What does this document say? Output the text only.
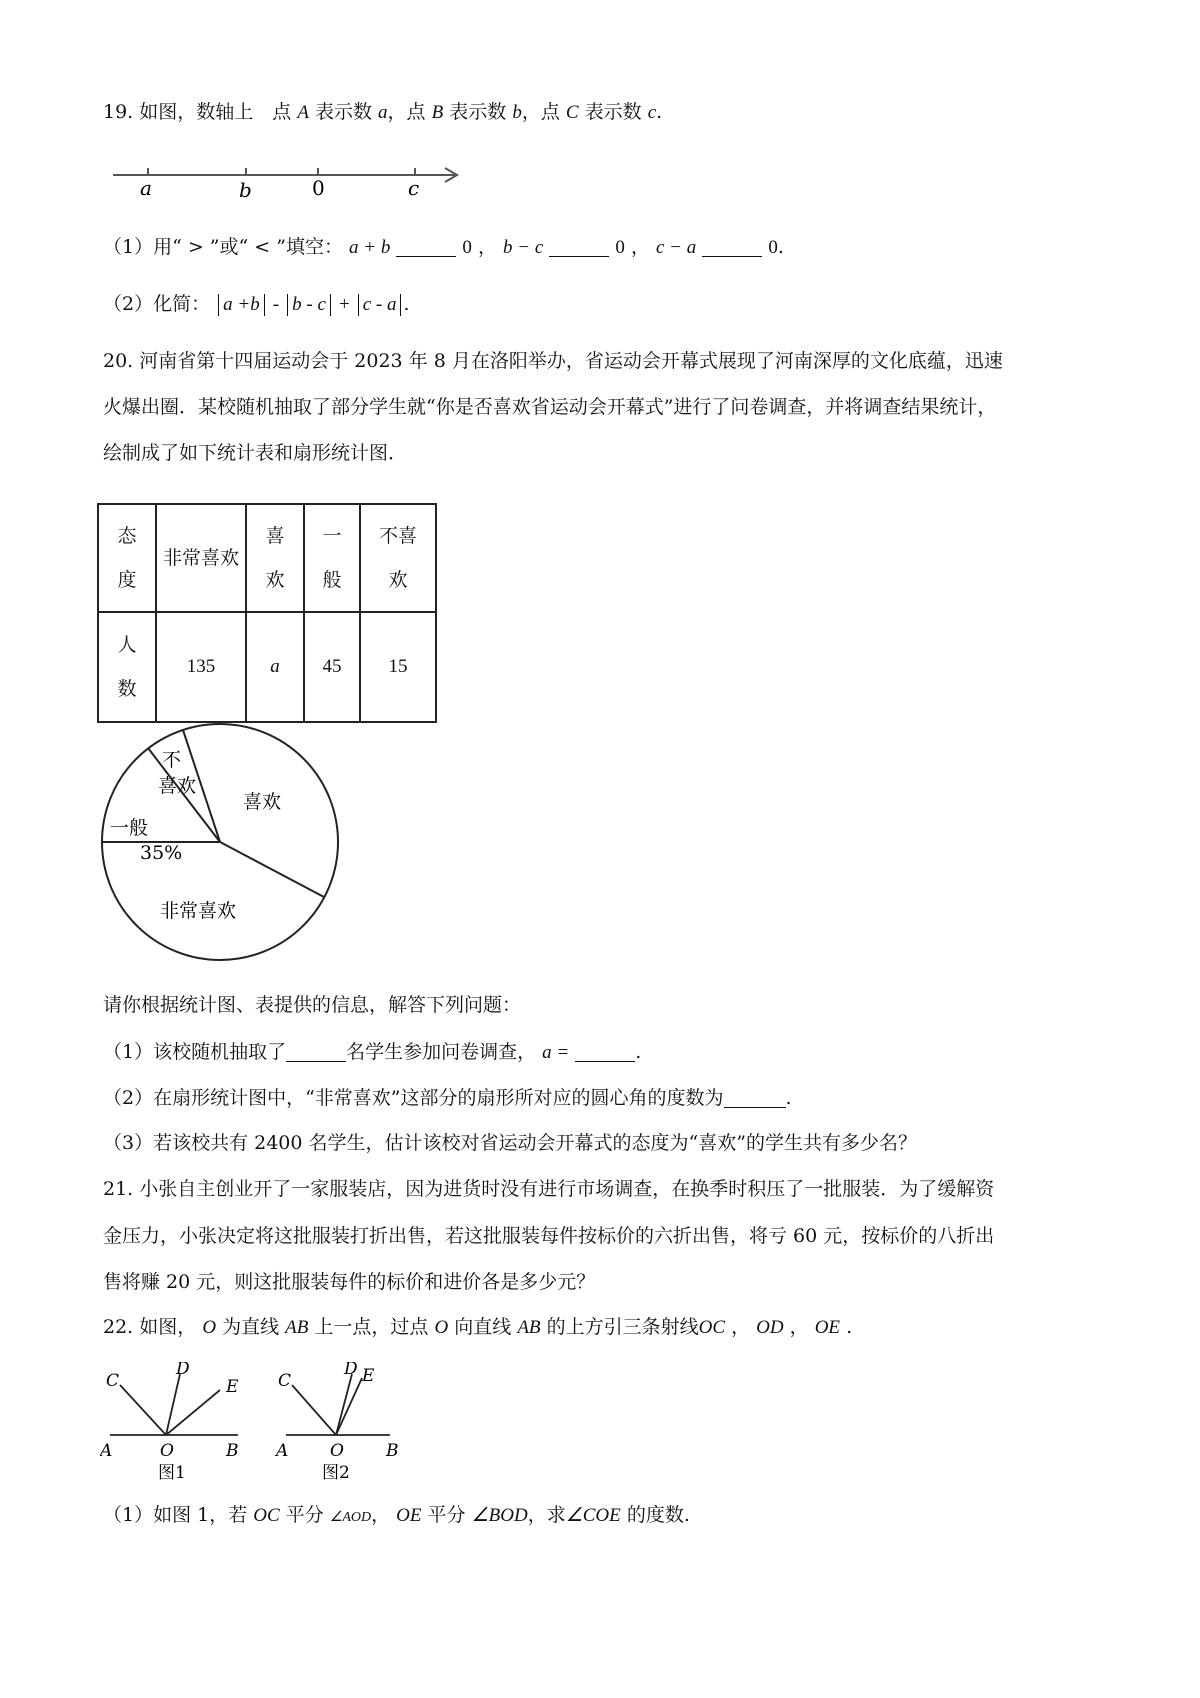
19. 如图，数轴上　点 A 表示数 a，点 B 表示数 b，点 C 表示数 c.
a	b	0	c
（1）用“ > ”或“ < ”填空： a + b	0 ， b − c	0 ， c − a	0.
（2）化简： a +b - b - c + c - a .
20. 河南省第十四届运动会于 2023 年 8 月在洛阳举办，省运动会开幕式展现了河南深厚的文化底蕴，迅速
火爆出圈．某校随机抽取了部分学生就“你是否喜欢省运动会开幕式”进行了问卷调查，并将调查结果统计，
绘制成了如下统计表和扇形统计图．
态度	非常喜欢	喜欢	一般	不喜欢

人数	135	a	45	15
不
喜欢
喜欢
一般
35%
非常喜欢
请你根据统计图、表提供的信息，解答下列问题：
（1）该校随机抽取了	名学生参加问卷调查， a =	.
（2）在扇形统计图中，“非常喜欢”这部分的扇形所对应的圆心角的度数为	.
（3）若该校共有 2400 名学生，估计该校对省运动会开幕式的态度为“喜欢”的学生共有多少名？
21. 小张自主创业开了一家服装店，因为进货时没有进行市场调查，在换季时积压了一批服装．为了缓解资
金压力，小张决定将这批服装打折出售，若这批服装每件按标价的六折出售，将亏 60 元，按标价的八折出
售将赚 20 元，则这批服装每件的标价和进价各是多少元？
22. 如图， O 为直线 AB 上一点，过点 O 向直线 AB 的上方引三条射线OC ， OD ， OE .
C
D
E
A	O	B
图1
C
D E
A O B
图2
（1）如图 1，若 OC 平分 ∠AOD， OE 平分 ∠BOD，求∠COE 的度数.
